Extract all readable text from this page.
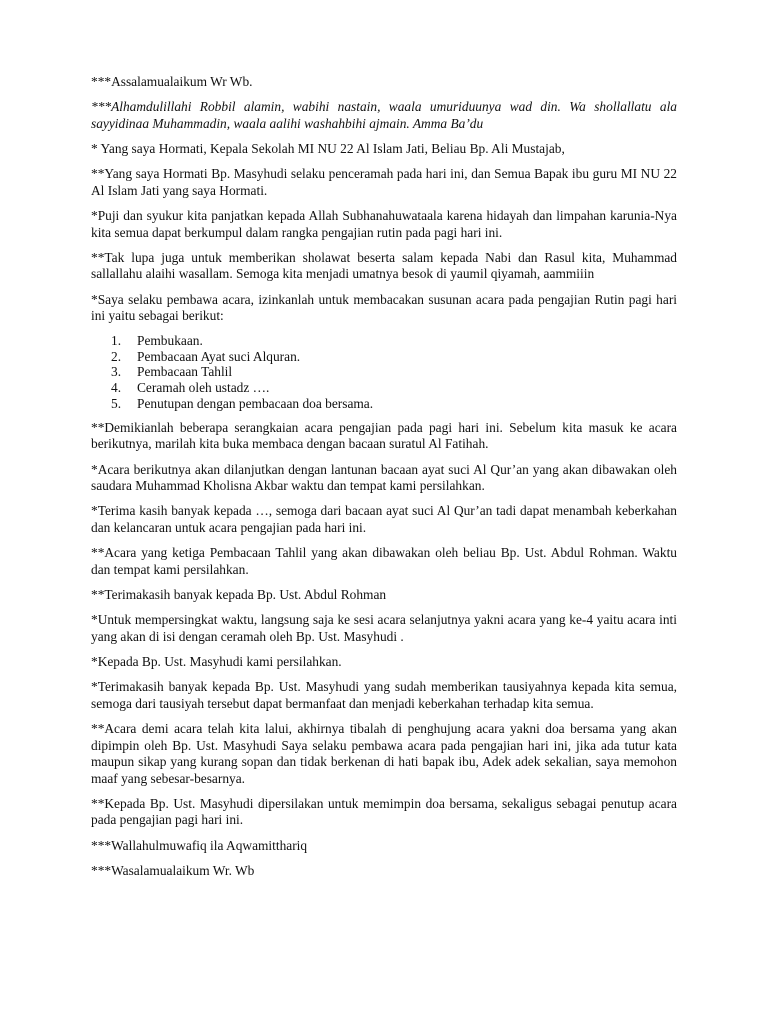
***Assalamualaikum Wr Wb.

***Alhamdulillahi Robbil alamin, wabihi nastain, waala umuriduunya wad din. Wa shollallatu ala sayyidinaa Muhammadin, waala aalihi washahbihi ajmain. Amma Ba’du

* Yang saya Hormati, Kepala Sekolah MI NU 22 Al Islam Jati, Beliau Bp. Ali Mustajab,

**Yang saya Hormati Bp. Masyhudi selaku penceramah pada hari ini, dan Semua Bapak ibu guru MI NU 22 Al Islam Jati yang saya Hormati.

*Puji dan syukur kita panjatkan kepada Allah Subhanahuwataala karena hidayah dan limpahan karunia-Nya kita semua dapat berkumpul dalam rangka pengajian rutin pada pagi hari ini.

**Tak lupa juga untuk memberikan sholawat beserta salam kepada Nabi dan Rasul kita, Muhammad sallallahu alaihi wasallam. Semoga kita menjadi umatnya besok di yaumil qiyamah, aammiiin

*Saya selaku pembawa acara, izinkanlah untuk membacakan susunan acara pada pengajian Rutin pagi hari ini yaitu sebagai berikut:

1.	Pembukaan.
2.	Pembacaan Ayat suci Alquran.
3.	Pembacaan Tahlil
4.	Ceramah oleh ustadz ….
5.	Penutupan dengan pembacaan doa bersama.

**Demikianlah beberapa serangkaian acara pengajian pada pagi hari ini. Sebelum kita masuk ke acara berikutnya, marilah kita buka membaca dengan bacaan suratul Al Fatihah.

*Acara berikutnya akan dilanjutkan dengan lantunan bacaan ayat suci Al Qur’an yang akan dibawakan oleh saudara Muhammad Kholisna Akbar waktu dan tempat kami persilahkan.

*Terima kasih banyak kepada …, semoga dari bacaan ayat suci Al Qur’an tadi dapat menambah keberkahan dan kelancaran untuk acara pengajian pada hari ini.

**Acara yang ketiga Pembacaan Tahlil yang akan dibawakan oleh beliau Bp. Ust. Abdul Rohman. Waktu dan tempat kami persilahkan.

**Terimakasih banyak kepada Bp. Ust. Abdul Rohman

*Untuk mempersingkat waktu, langsung saja ke sesi acara selanjutnya yakni acara yang ke-4 yaitu acara inti yang akan di isi dengan ceramah oleh Bp. Ust. Masyhudi .

*Kepada Bp. Ust. Masyhudi kami persilahkan.

*Terimakasih banyak kepada Bp. Ust. Masyhudi yang sudah memberikan tausiyahnya kepada kita semua, semoga dari tausiyah tersebut dapat bermanfaat dan menjadi keberkahan terhadap kita semua.

**Acara demi acara telah kita lalui, akhirnya tibalah di penghujung acara yakni doa bersama yang akan dipimpin oleh Bp. Ust. Masyhudi Saya selaku pembawa acara pada pengajian hari ini, jika ada tutur kata maupun sikap yang kurang sopan dan tidak berkenan di hati bapak ibu, Adek adek sekalian, saya memohon maaf yang sebesar-besarnya.

**Kepada Bp. Ust. Masyhudi dipersilakan untuk memimpin doa bersama, sekaligus sebagai penutup acara pada pengajian pagi hari ini.

***Wallahulmuwafiq ila Aqwamitthariq

***Wasalamualaikum Wr. Wb
